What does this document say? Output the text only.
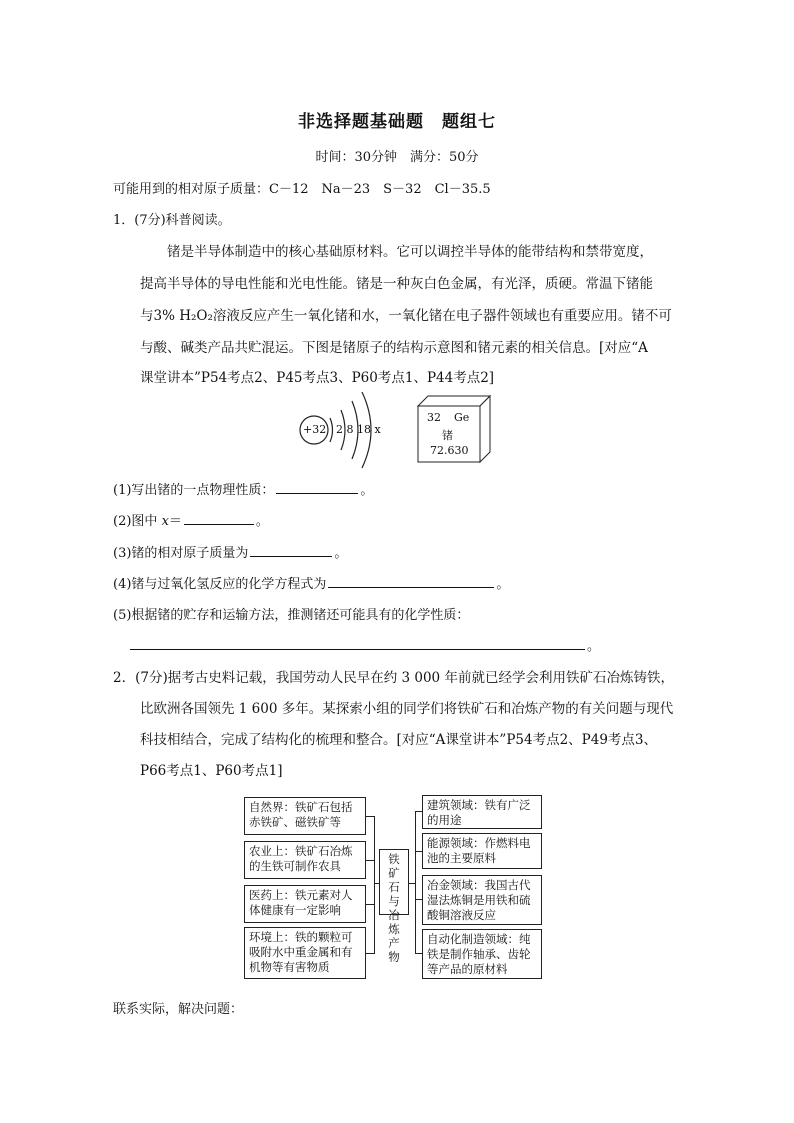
非选择题基础题　题组七
时间：30分钟　满分：50分
可能用到的相对原子质量：C－12　Na－23　S－32　Cl－35.5
1．(7分)科普阅读。
锗是半导体制造中的核心基础原材料。它可以调控半导体的能带结构和禁带宽度，
提高半导体的导电性能和光电性能。锗是一种灰白色金属，有光泽，质硬。常温下锗能
与3% H₂O₂溶液反应产生一氧化锗和水，一氧化锗在电子器件领域也有重要应用。锗不可
与酸、碱类产品共贮混运。下图是锗原子的结构示意图和锗元素的相关信息。[对应“A
课堂讲本”P54考点2、P45考点3、P60考点1、P44考点2]
+32 2 8 18 x
32 Ge
锗
72.630
(1)写出锗的一点物理性质：	。
(2)图中 x＝	。
(3)锗的相对原子质量为	。
(4)锗与过氧化氢反应的化学方程式为	。
(5)根据锗的贮存和运输方法，推测锗还可能具有的化学性质：
。
2．(7分)据考古史料记载，我国劳动人民早在约 3 000 年前就已经学会利用铁矿石冶炼铸铁，
比欧洲各国领先 1 600 多年。某探索小组的同学们将铁矿石和冶炼产物的有关问题与现代
科技相结合，完成了结构化的梳理和整合。[对应“A课堂讲本”P54考点2、P49考点3、
P66考点1、P60考点1]
自然界：铁矿石包括赤铁矿、磁铁矿等
农业上：铁矿石冶炼的生铁可制作农具
医药上：铁元素对人体健康有一定影响
环境上：铁的颗粒可吸附水中重金属和有机物等有害物质
铁矿石与冶炼产物
建筑领域：铁有广泛的用途
能源领域：作燃料电池的主要原料
冶金领域：我国古代湿法炼铜是用铁和硫酸铜溶液反应
自动化制造领域：纯铁是制作轴承、齿轮等产品的原材料
联系实际，解决问题：
